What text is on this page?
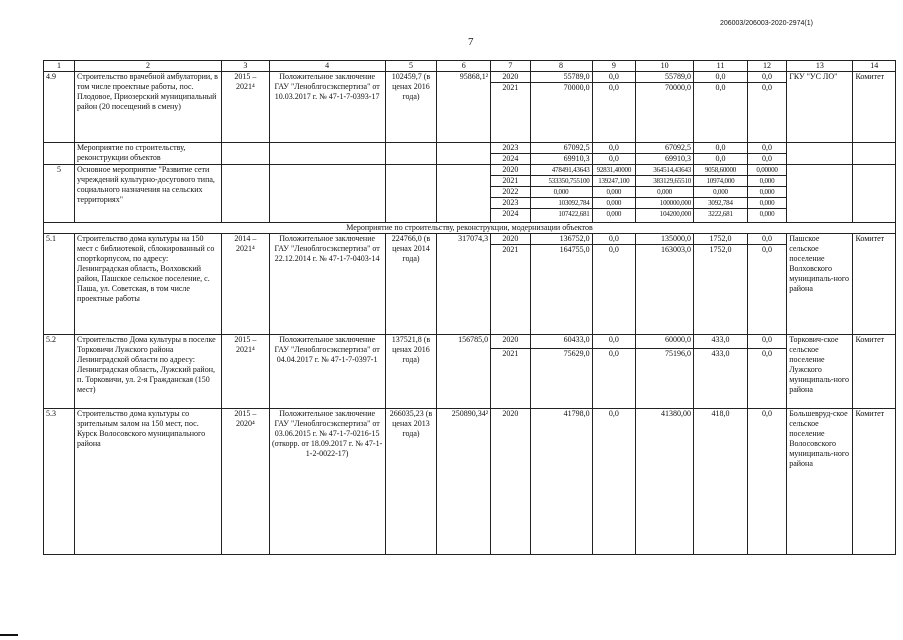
206003/206003-2020-2974(1)
7
1	2	3	4	5	6	7	8	9	10	11	12	13	14
4.9	Строительство врачебной амбулатории, в том числе проектные работы, пос. Плодовое, Приозерский муниципальный район (20 посещений в смену)	2015 – 2021⁴	Положительное заключение ГАУ "Леноблгосэкспертиза" от 10.03.2017 г. № 47-1-7-0393-17	102459,7 (в ценах 2016 года)	95868,1²	2020	55789,0	0,0	55789,0	0,0	0,0	ГКУ "УС ЛО"	Комитет
						2021	70000,0	0,0	70000,0	0,0	0,0		
	Мероприятие по строительству, реконструкции объектов					2023	67092,5	0,0	67092,5	0,0	0,0		
						2024	69910,3	0,0	69910,3	0,0	0,0		
5	Основное мероприятие "Развитие сети учреждений культурно-досугового типа, социального назначения на сельских территориях"					2020	478491,43643	92831,40000	364514,43643	9058,60000	0,00000		
						2021	533350,755100	139247,100	383129,65510	10974,000	0,000		
						2022	0,000	0,000	0,000	0,000	0,000		
						2023	103092,784	0,000	100000,000	3092,784	0,000		
						2024	107422,681	0,000	104200,000	3222,681	0,000		
Мероприятие по строительству, реконструкции, модернизации объектов													
5.1	Строительство дома культуры на 150 мест с библиотекой, сблокированный со спортkорпусом, по адресу: Ленинградская область, Волховский район, Пашское сельское поселение, с. Паша, ул. Советская, в том числе проектные работы	2014 – 2021⁴	Положительное заключение ГАУ "Леноблгосэкспертиза" от 22.12.2014 г. № 47-1-7-0403-14	224766,0 (в ценах 2014 года)	317074,3	2020	136752,0	0,0	135000,0	1752,0	0,0	Пашское сельское поселение Волховского муниципаль-ного района	Комитет
						2021	164755,0	0,0	163003,0	1752,0	0,0		
5.2	Строительство Дома культуры в поселке Торковичи Лужского района Ленинградской области по адресу: Ленинградская область, Лужский район, п. Торковичи, ул. 2-я Гражданская (150 мест)	2015 – 2021⁴	Положительное заключение ГАУ "Леноблгосэкспертиза" от 04.04.2017 г. № 47-1-7-0397-1	137521,8 (в ценах 2016 года)	156785,0	2020	60433,0	0,0	60000,0	433,0	0,0	Торкович-ское сельское поселение Лужского муниципаль-ного района	Комитет
						2021	75629,0	0,0	75196,0	433,0	0,0		
5.3	Строительство дома культуры со зрительным залом на 150 мест, пос. Курск Волосовского муниципального района	2015 – 2020⁴	Положительное заключение ГАУ "Леноблгосэкспертиза" от 03.06.2015 г. № 47-1-7-0216-15 (откорр. от 18.09.2017 г. № 47-1-1-2-0022-17)	266035,23 (в ценах 2013 года)	250890,34²	2020	41798,0	0,0	41380,00	418,0	0,0	Большевруд-ское сельское поселение Волосовского муниципаль-ного района	Комитет
